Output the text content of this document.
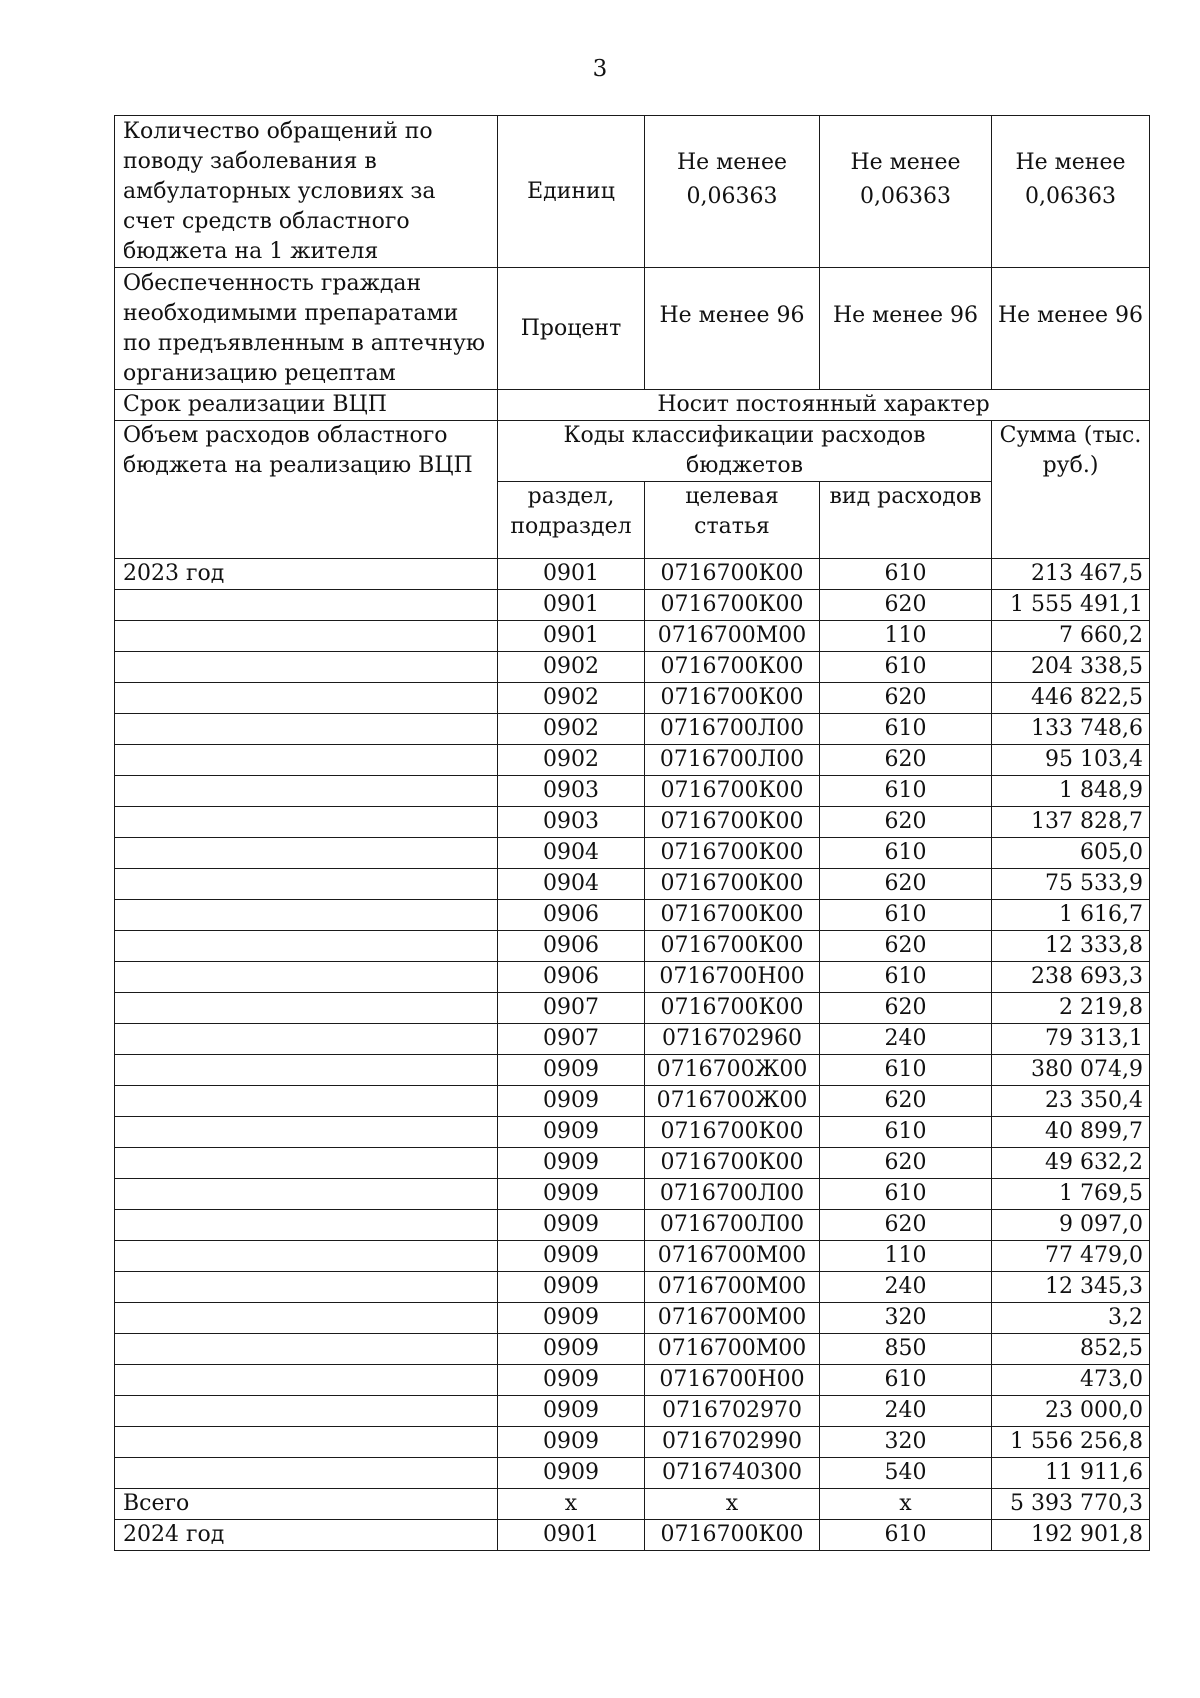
3
Количество обращений по поводу заболевания в амбулаторных условиях за счет средств областного бюджета на 1 жителя	Единиц	Не менее 0,06363	Не менее 0,06363	Не менее 0,06363
Обеспеченность граждан необходимыми препаратами по предъявленным в аптечную организацию рецептам	Процент	Не менее 96	Не менее 96	Не менее 96
Срок реализации ВЦП	Носит постоянный характер			
Объем расходов областного бюджета на реализацию ВЦП	Коды классификации расходов бюджетов			Сумма (тыс. руб.)
	раздел, подраздел	целевая статья	вид расходов	
2023 год	0901	0716700К00	610	213 467,5
	0901	0716700К00	620	1 555 491,1
	0901	0716700М00	110	7 660,2
	0902	0716700К00	610	204 338,5
	0902	0716700К00	620	446 822,5
	0902	0716700Л00	610	133 748,6
	0902	0716700Л00	620	95 103,4
	0903	0716700К00	610	1 848,9
	0903	0716700К00	620	137 828,7
	0904	0716700К00	610	605,0
	0904	0716700К00	620	75 533,9
	0906	0716700К00	610	1 616,7
	0906	0716700К00	620	12 333,8
	0906	0716700Н00	610	238 693,3
	0907	0716700К00	620	2 219,8
	0907	0716702960	240	79 313,1
	0909	0716700Ж00	610	380 074,9
	0909	0716700Ж00	620	23 350,4
	0909	0716700К00	610	40 899,7
	0909	0716700К00	620	49 632,2
	0909	0716700Л00	610	1 769,5
	0909	0716700Л00	620	9 097,0
	0909	0716700М00	110	77 479,0
	0909	0716700М00	240	12 345,3
	0909	0716700М00	320	3,2
	0909	0716700М00	850	852,5
	0909	0716700Н00	610	473,0
	0909	0716702970	240	23 000,0
	0909	0716702990	320	1 556 256,8
	0909	0716740300	540	11 911,6
Всего	х	х	х	5 393 770,3
2024 год	0901	0716700К00	610	192 901,8
